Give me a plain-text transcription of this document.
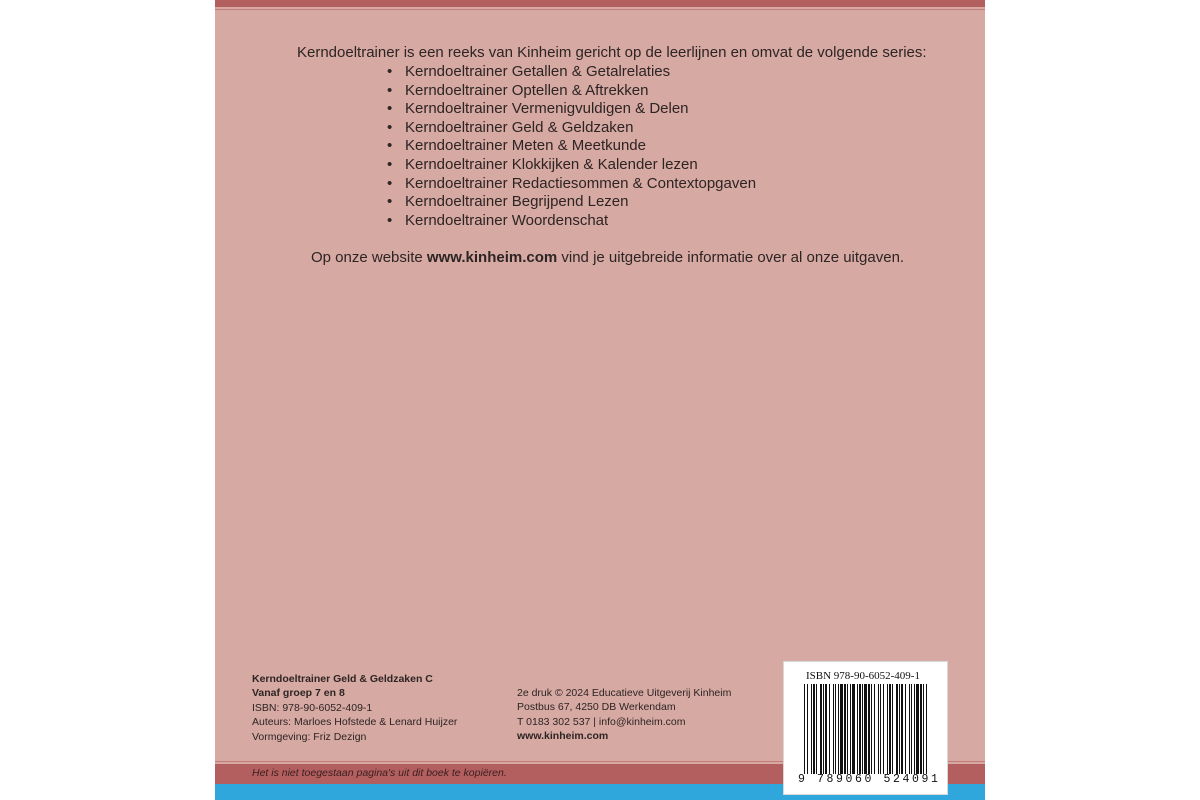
Kerndoeltrainer is een reeks van Kinheim gericht op de leerlijnen en omvat de volgende series:
• Kerndoeltrainer Getallen & Getalrelaties
• Kerndoeltrainer Optellen & Aftrekken
• Kerndoeltrainer Vermenigvuldigen & Delen
• Kerndoeltrainer Geld & Geldzaken
• Kerndoeltrainer Meten & Meetkunde
• Kerndoeltrainer Klokkijken & Kalender lezen
• Kerndoeltrainer Redactiesommen & Contextopgaven
• Kerndoeltrainer Begrijpend Lezen
• Kerndoeltrainer Woordenschat
Op onze website www.kinheim.com vind je uitgebreide informatie over al onze uitgaven.
Kerndoeltrainer Geld & Geldzaken C
Vanaf groep 7 en 8
ISBN: 978-90-6052-409-1
Auteurs: Marloes Hofstede & Lenard Huijzer
Vormgeving: Friz Dezign
2e druk © 2024 Educatieve Uitgeverij Kinheim
Postbus 67, 4250 DB Werkendam
T 0183 302 537 | info@kinheim.com
www.kinheim.com
Het is niet toegestaan pagina's uit dit boek te kopiëren.
ISBN 978-90-6052-409-1
9 789060 524091
